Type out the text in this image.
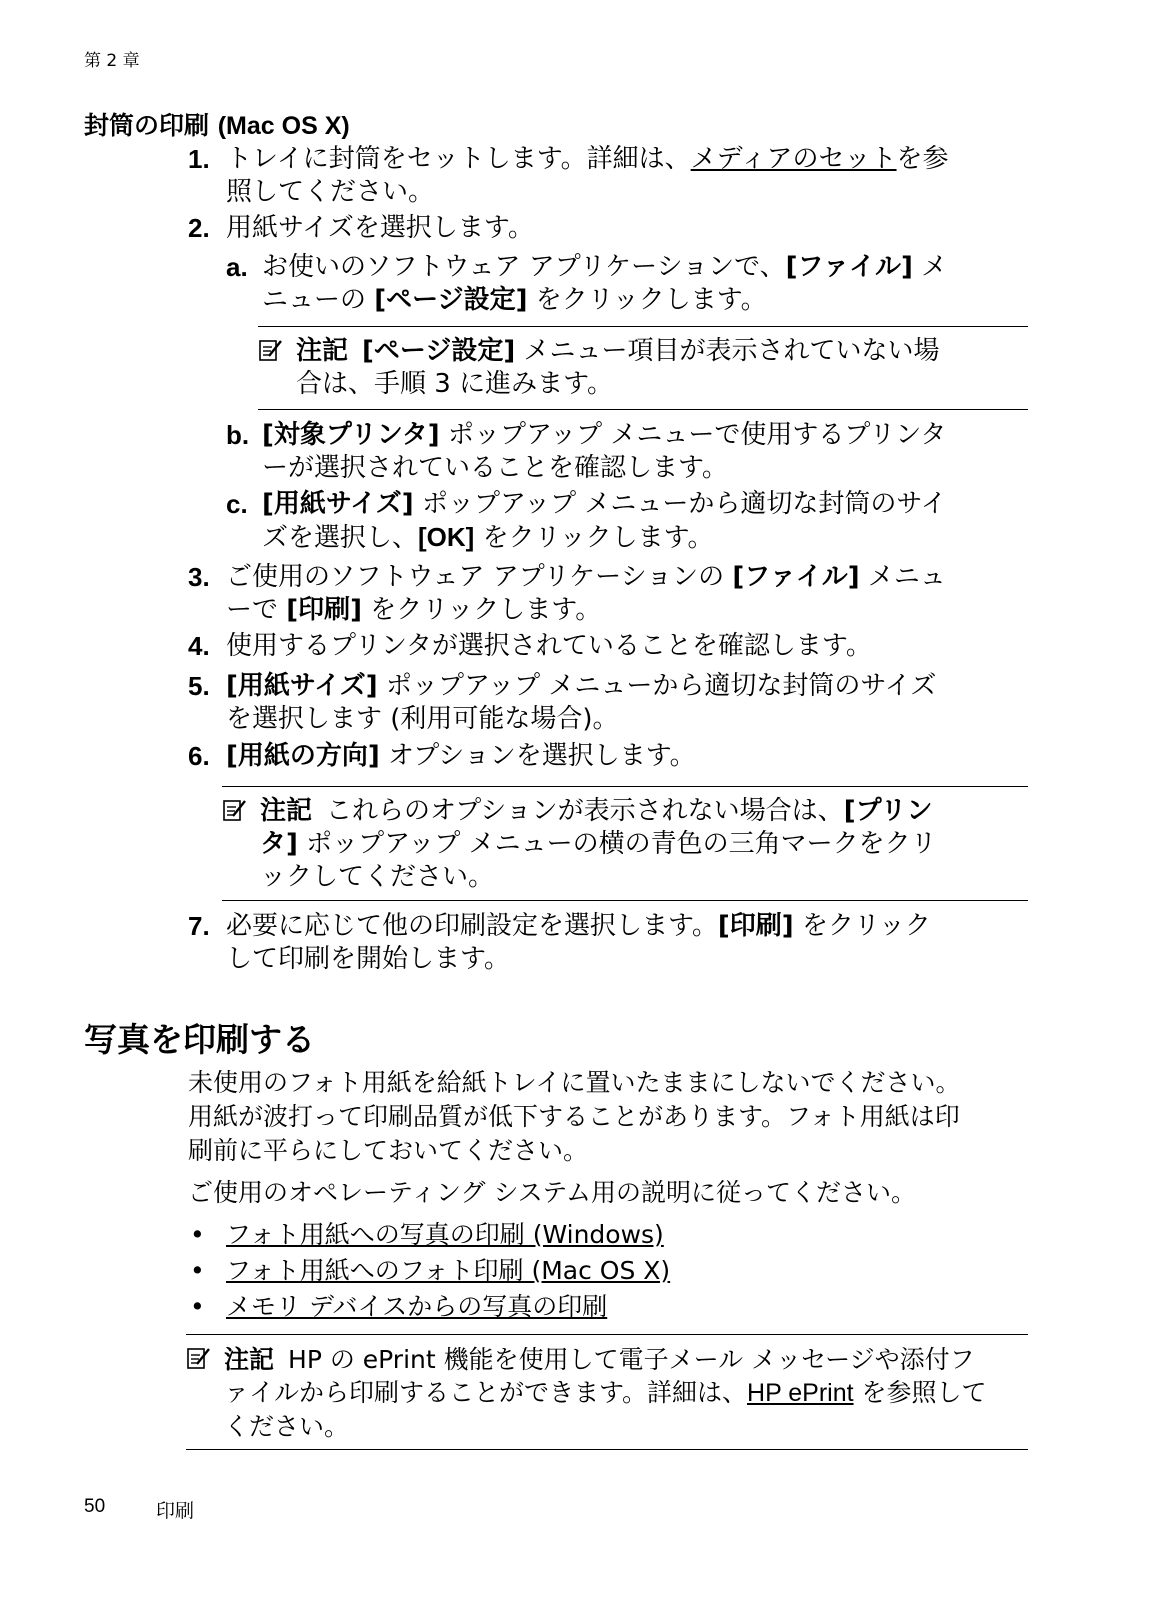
第 2 章
封筒の印刷 (Mac OS X)
1. トレイに封筒をセットします。詳細は、メディアのセットを参
照してください。
2. 用紙サイズを選択します。
a. お使いのソフトウェア アプリケーションで、[ファイル] メ
ニューの [ページ設定] をクリックします。
注記 [ページ設定] メニュー項目が表示されていない場
合は、手順 3 に進みます。
b. [対象プリンタ] ポップアップ メニューで使用するプリンタ
ーが選択されていることを確認します。
c. [用紙サイズ] ポップアップ メニューから適切な封筒のサイ
ズを選択し、[OK] をクリックします。
3. ご使用のソフトウェア アプリケーションの [ファイル] メニュ
ーで [印刷] をクリックします。
4. 使用するプリンタが選択されていることを確認します。
5. [用紙サイズ] ポップアップ メニューから適切な封筒のサイズ
を選択します (利用可能な場合)。
6. [用紙の方向] オプションを選択します。
注記 これらのオプションが表示されない場合は、[プリン
タ] ポップアップ メニューの横の青色の三角マークをクリ
ックしてください。
7. 必要に応じて他の印刷設定を選択します。[印刷] をクリック
して印刷を開始します。
写真を印刷する
未使用のフォト用紙を給紙トレイに置いたままにしないでください。
用紙が波打って印刷品質が低下することがあります。フォト用紙は印
刷前に平らにしておいてください。
ご使用のオペレーティング システム用の説明に従ってください。
• フォト用紙への写真の印刷 (Windows)
• フォト用紙へのフォト印刷 (Mac OS X)
• メモリ デバイスからの写真の印刷
注記 HP の ePrint 機能を使用して電子メール メッセージや添付フ
ァイルから印刷することができます。詳細は、HP ePrint を参照して
ください。
50	印刷
